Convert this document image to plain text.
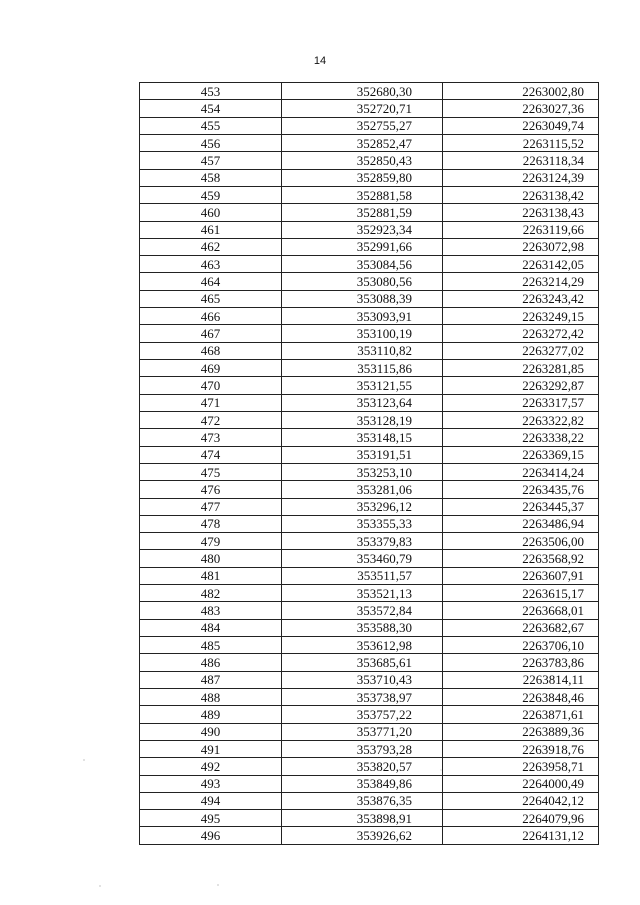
14
453	352680,30	2263002,80
454	352720,71	2263027,36
455	352755,27	2263049,74
456	352852,47	2263115,52
457	352850,43	2263118,34
458	352859,80	2263124,39
459	352881,58	2263138,42
460	352881,59	2263138,43
461	352923,34	2263119,66
462	352991,66	2263072,98
463	353084,56	2263142,05
464	353080,56	2263214,29
465	353088,39	2263243,42
466	353093,91	2263249,15
467	353100,19	2263272,42
468	353110,82	2263277,02
469	353115,86	2263281,85
470	353121,55	2263292,87
471	353123,64	2263317,57
472	353128,19	2263322,82
473	353148,15	2263338,22
474	353191,51	2263369,15
475	353253,10	2263414,24
476	353281,06	2263435,76
477	353296,12	2263445,37
478	353355,33	2263486,94
479	353379,83	2263506,00
480	353460,79	2263568,92
481	353511,57	2263607,91
482	353521,13	2263615,17
483	353572,84	2263668,01
484	353588,30	2263682,67
485	353612,98	2263706,10
486	353685,61	2263783,86
487	353710,43	2263814,11
488	353738,97	2263848,46
489	353757,22	2263871,61
490	353771,20	2263889,36
491	353793,28	2263918,76
492	353820,57	2263958,71
493	353849,86	2264000,49
494	353876,35	2264042,12
495	353898,91	2264079,96
496	353926,62	2264131,12
